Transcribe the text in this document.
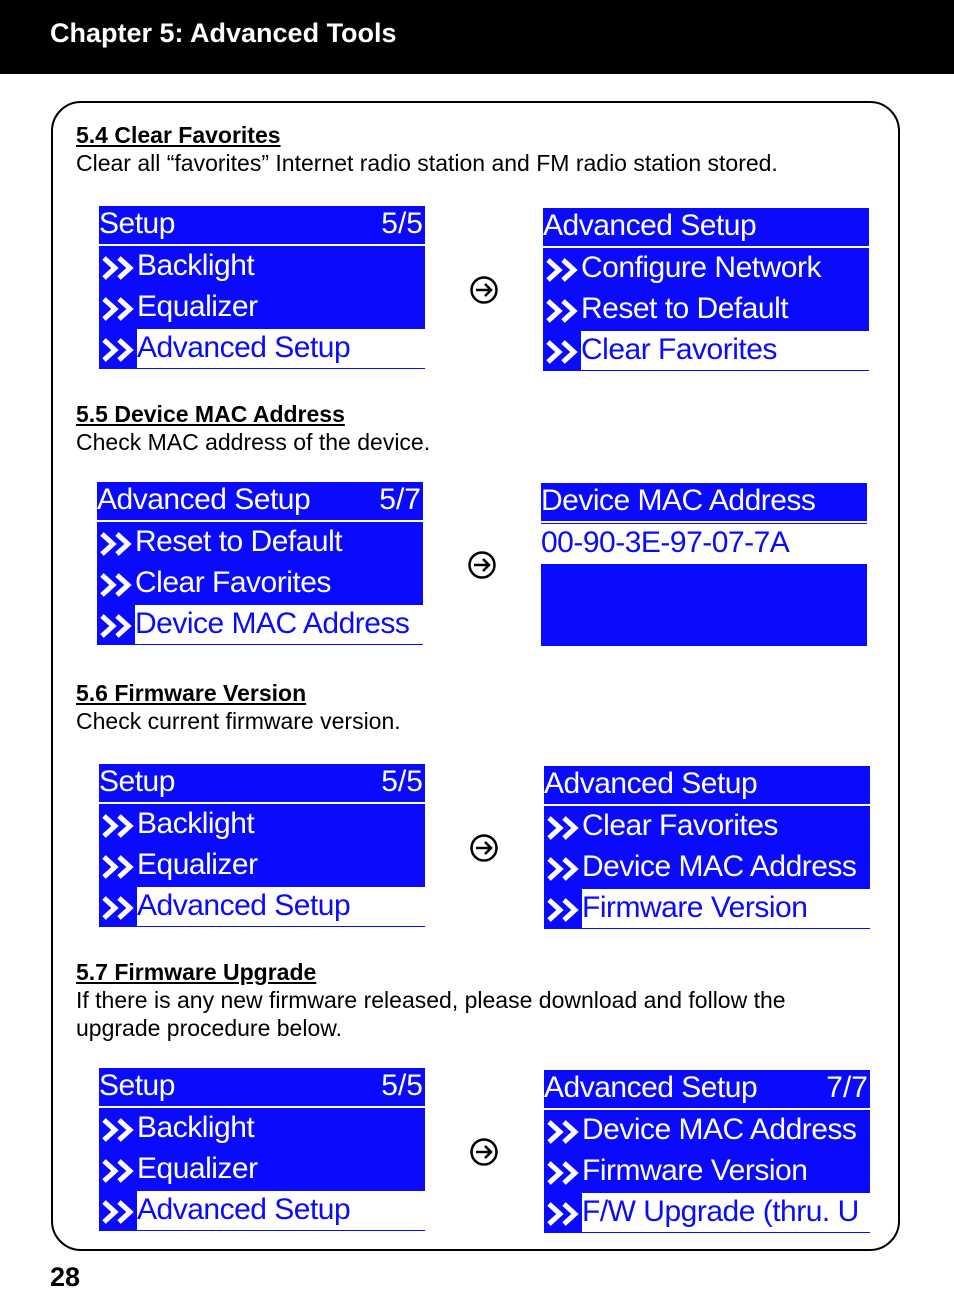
Chapter 5: Advanced Tools
5.4 Clear Favorites
Clear all “favorites” Internet radio station and FM radio station stored.
Setup	5/5
Backlight
Equalizer
Advanced Setup
Advanced Setup
Configure Network
Reset to Default
Clear Favorites
5.5 Device MAC Address
Check MAC address of the device.
Advanced Setup 5/7
Reset to Default
Clear Favorites
Device MAC Address
Device MAC Address
00-90-3E-97-07-7A
5.6 Firmware Version
Check current firmware version.
Setup	5/5
Backlight
Equalizer
Advanced Setup
Advanced Setup
Clear Favorites
Device MAC Address
Firmware Version
5.7 Firmware Upgrade
If there is any new firmware released, please download and follow the upgrade procedure below.
Setup	5/5
Backlight
Equalizer
Advanced Setup
Advanced Setup 7/7
Device MAC Address
Firmware Version
F/W Upgrade (thru. U
28
